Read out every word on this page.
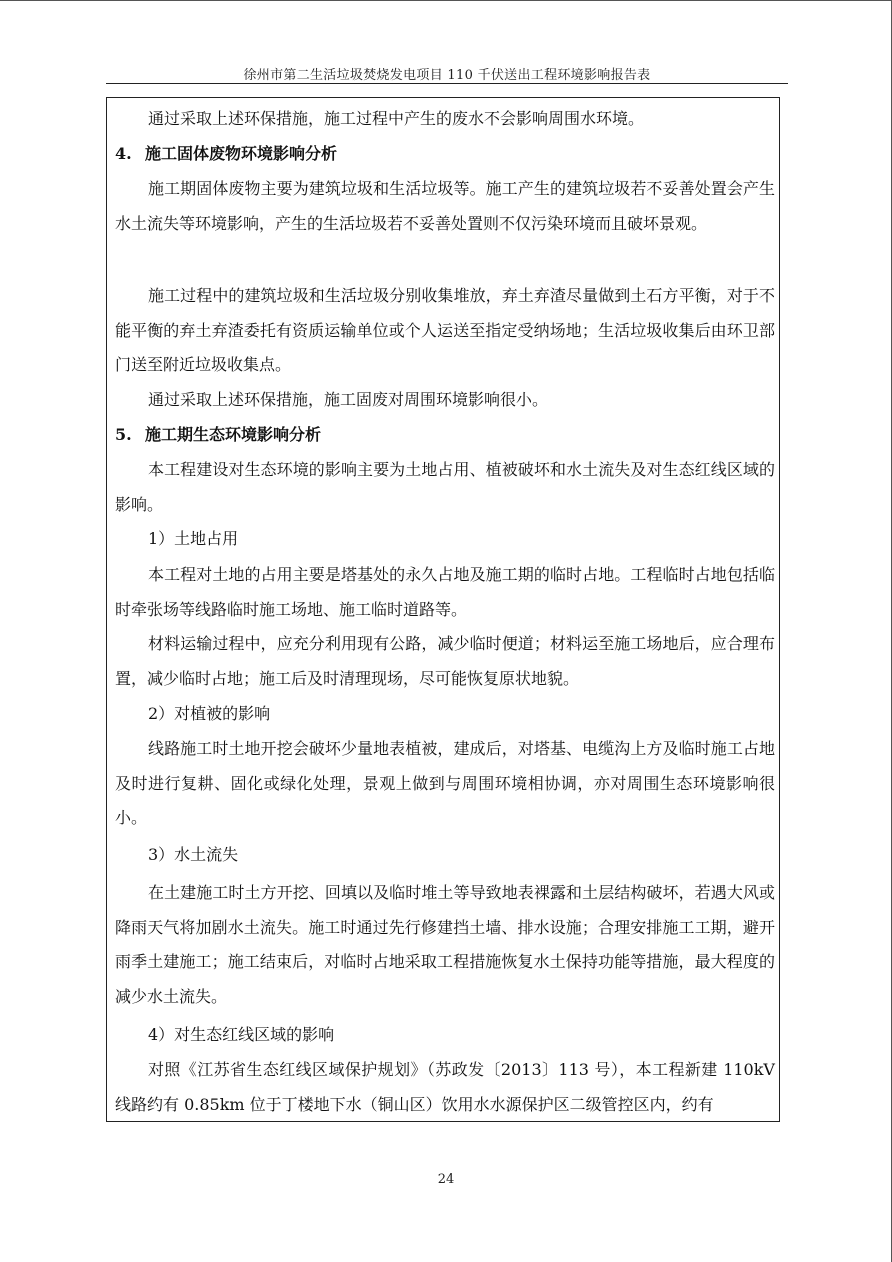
徐州市第二生活垃圾焚烧发电项目 110 千伏送出工程环境影响报告表

通过采取上述环保措施，施工过程中产生的废水不会影响周围水环境。

4. 施工固体废物环境影响分析

施工期固体废物主要为建筑垃圾和生活垃圾等。施工产生的建筑垃圾若不妥善处置会产生水土流失等环境影响，产生的生活垃圾若不妥善处置则不仅污染环境而且破坏景观。

施工过程中的建筑垃圾和生活垃圾分别收集堆放，弃土弃渣尽量做到土石方平衡，对于不能平衡的弃土弃渣委托有资质运输单位或个人运送至指定受纳场地；生活垃圾收集后由环卫部门送至附近垃圾收集点。

通过采取上述环保措施，施工固废对周围环境影响很小。

5. 施工期生态环境影响分析

本工程建设对生态环境的影响主要为土地占用、植被破坏和水土流失及对生态红线区域的影响。

1）土地占用

本工程对土地的占用主要是塔基处的永久占地及施工期的临时占地。工程临时占地包括临时牵张场等线路临时施工场地、施工临时道路等。

材料运输过程中，应充分利用现有公路，减少临时便道；材料运至施工场地后，应合理布置，减少临时占地；施工后及时清理现场，尽可能恢复原状地貌。

2）对植被的影响

线路施工时土地开挖会破坏少量地表植被，建成后，对塔基、电缆沟上方及临时施工占地及时进行复耕、固化或绿化处理，景观上做到与周围环境相协调，亦对周围生态环境影响很小。

3）水土流失

在土建施工时土方开挖、回填以及临时堆土等导致地表裸露和土层结构破坏，若遇大风或降雨天气将加剧水土流失。施工时通过先行修建挡土墙、排水设施；合理安排施工工期，避开雨季土建施工；施工结束后，对临时占地采取工程措施恢复水土保持功能等措施，最大程度的减少水土流失。

4）对生态红线区域的影响

对照《江苏省生态红线区域保护规划》（苏政发〔2013〕113 号），本工程新建 110kV 线路约有 0.85km 位于丁楼地下水（铜山区）饮用水水源保护区二级管控区内，约有

24
